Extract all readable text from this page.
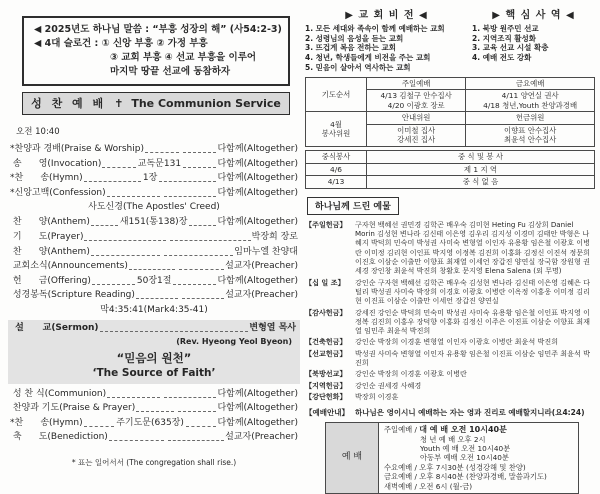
◀ 2025년도 하나님 말씀 : “부흥 성장의 해” (사54:2-3)
◀ 4대 슬로건 : ① 신앙 부흥 ② 가정 부흥
③ 교회 부흥 ④ 선교 부흥을 이루어
마지막 땅끝 선교에 동참하자
성 찬 예 배 ✝ The Communion Service
오전 10:40
*찬양과 경배(Praise & Worship)	다함께(Altogether)
송      영(Invocation)	교독문131	다함께(Altogether)
*찬      송(Hymn)	1장	다함께(Altogether)
*신앙고백(Confession)	다함께(Altogether)
사도신경(The Apostles' Creed)
찬      양(Anthem)	새151(통138)장	다함께(Altogether)
기      도(Prayer)	박장희 장로
찬      양(Anthem)	임마누엘 찬양대
교회소식(Announcements)	설교자(Preacher)
헌      금(Offering)	50장1절	다함께(Altogether)
성경봉독(Scripture Reading)	설교자(Preacher)
막4:35:41(Mark4:35-41)
설      교(Sermon)	변형열 목사
(Rev. Hyeong Yeol Byeon)
“믿음의 원천”
‘The Source of Faith’
성 찬 식(Communion)	다함께(Altogether)
찬양과 기도(Praise & Prayer)	다함께(Altogether)
*찬      송(Hymn)	주기도문(635장)	다함께(Altogether)
축      도(Benediction)	설교자(Preacher)
* 표는 일어서서 (The congregation shall rise.)
▶ 교 회 비 전 ◀
1. 모든 세대와 족속이 함께 예배하는 교회
2. 성령님의 음성을 듣는 교회
3. 뜨겁게 복음 전하는 교회
4. 청년, 학생들에게 비전을 주는 교회
5. 믿음이 살아서 역사하는 교회
▶ 핵 심 사 역 ◀
1. 북방 원주민 선교
2. 지역조직 활성화
3. 교육 선교 시설 확충
4. 예배 전도 강화
기도순서	주일예배	금요예배
	4/13 김철구 안수집사
4/20 이광호 장로	4/11 양연실 권사
4/18 청년,Youth 찬양과경배
4월
봉사위원	안내위원	헌금위원
	이미철 집사
강세진 집사	이향표 안수집사
최윤석 안수집사
중식봉사	중 식 및 봉 사
4/6	제 1 지 역
4/13	중 식 없 음
하나님께 드린 예물
【주일헌금】	구자현 백혜선 권민경 김학곤 배우숙 김미현 Heting Fu 김상희 Daniel Morin 김성현 변나라 김신태 이은영 김우리 김지성 이경미 김태안 박형은 나혜지 박덕희 민숙미 박성권 사미숙 변형열 이인자 유용황 임은철 이광호 이병란 이미정 김리현 이인표 박지영 이정복 김진희 이홍화 김정신 이진석 정문희 이진호 이삼순 이출만 이향표 최재열 이세언 장갑진 양연실 장국함 장원형 권세경 장인창 최윤석 박진희 창활호 문지영 Elena Salena (외 무명)
【십 일 조】	강인순 구자현 백혜선 김학곤 배우숙 김성현 변나라 김신태 이은영 김혜은 다털리 박성권 사미숙 박장희 이경호 이광호 이병란 이옥정 이홍웅 이미정 김리현 이진표 이삼순 이출만 이세언 장갑진 양연실
【감사헌금】	강세진 강인순 박덕희 민숙미 박성권 사미숙 유용황 임은철 이인표 박지영 이정복 김진희 이홍우 장덕향 이홍화 김정신 이주은 이진표 이삼순 이향표 최재열 임민주 최윤석 박진희
【건축헌금】	강인순 박장희 이경훈 변형열 이인자 이광호 이병란 최윤석 박진희
【선교헌금】	박성권 사미숙 변형열 이인자 유용황 임은철 이진표 이삼순 임민주 최윤석 박진희
【북방선교】	강인순 박장희 이경훈 이광호 이병란
【지역헌금】	강인순 권세경 사혜경
【강단헌화】	박장희 이경훈
【예배안내】 하나님은 영이시니 예배하는 자는 영과 진리로 예배할지니라(요4:24)
예 배	
주일예배 / 대 예 배 오전 10시40분
청 년 예 배 오후 2시
Youth 예 배 오전 10시40분
아동부 예배 오전 10시40분
수요예배 / 오후 7시30분 (성경강해 및 찬양)
금요예배 / 오후 8시40분 (찬양과경배, 말씀과기도)
새벽예배 / 오전 6시 (월-금)
